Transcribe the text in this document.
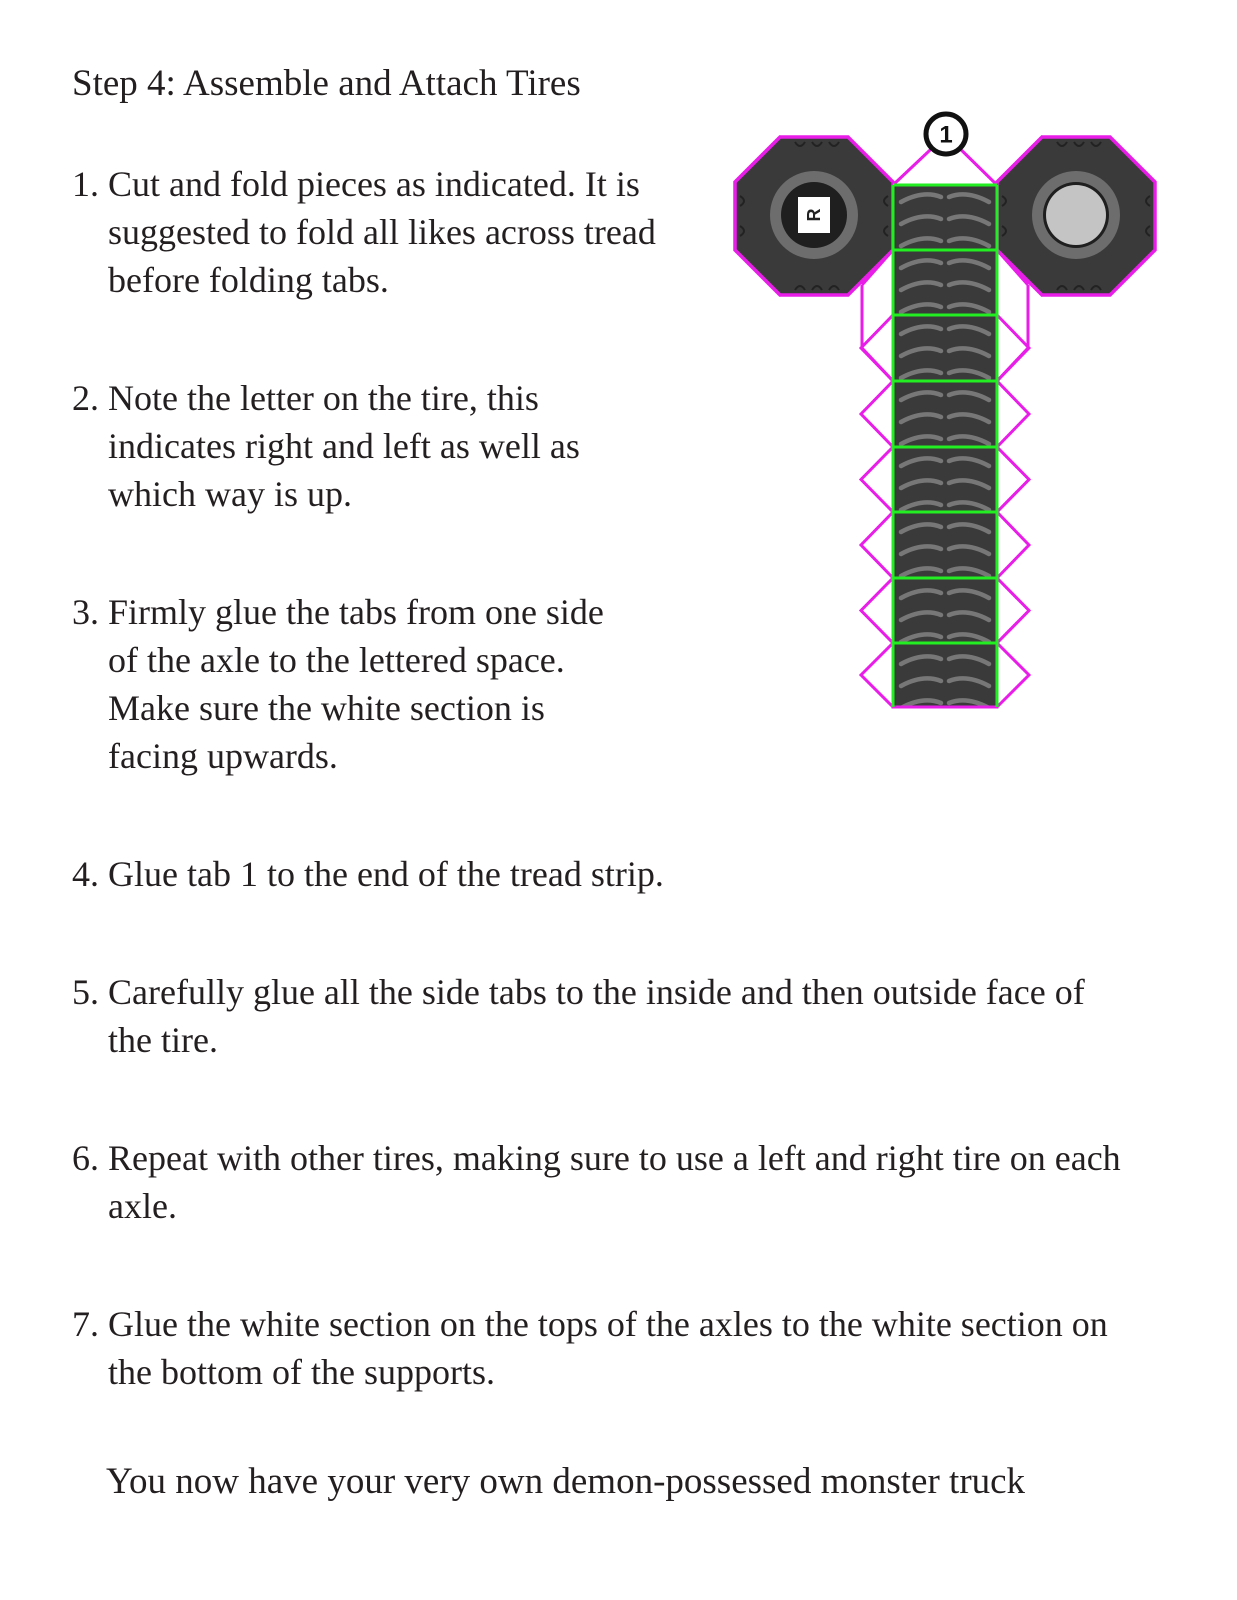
Step 4: Assemble and Attach Tires
1. Cut and fold pieces as indicated. It is suggested to fold all likes across tread before folding tabs.
2. Note the letter on the tire, this indicates right and left as well as which way is up.
3. Firmly glue the tabs from one side of the axle to the lettered space. Make sure the white section is facing upwards.
4. Glue tab 1 to the end of the tread strip.
5. Carefully glue all the side tabs to the inside and then outside face of the tire.
6. Repeat with other tires, making sure to use a left and right tire on each axle.
7. Glue the white section on the tops of the axles to the white section on the bottom of the supports.
You now have your very own demon-possessed monster truck
R
1
